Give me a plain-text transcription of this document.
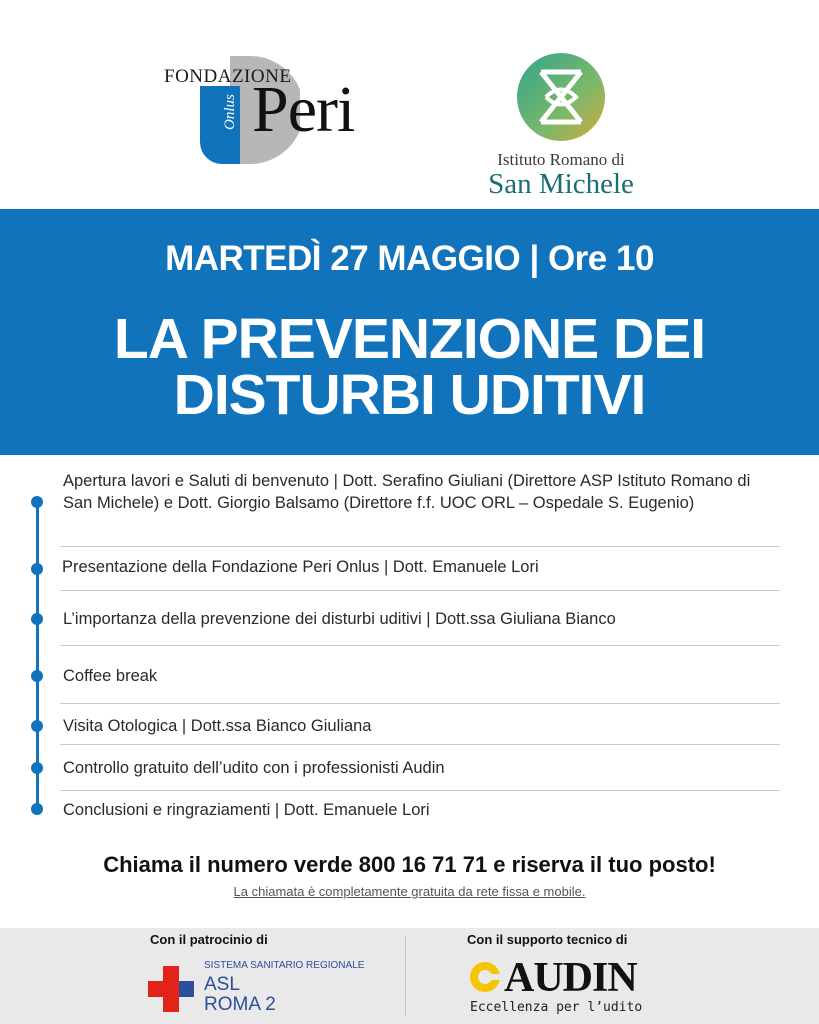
FONDAZIONE
Onlus Peri
Istituto Romano di
San Michele
MARTEDÌ 27 MAGGIO | Ore 10
LA PREVENZIONE DEI
DISTURBI UDITIVI
Apertura lavori e Saluti di benvenuto | Dott. Serafino Giuliani (Direttore ASP Istituto Romano di San Michele) e Dott. Giorgio Balsamo (Direttore f.f. UOC ORL – Ospedale S. Eugenio)
Presentazione della Fondazione Peri Onlus | Dott. Emanuele Lori
L’importanza della prevenzione dei disturbi uditivi | Dott.ssa Giuliana Bianco
Coffee break
Visita Otologica | Dott.ssa Bianco Giuliana
Controllo gratuito dell’udito con i professionisti Audin
Conclusioni e ringraziamenti | Dott. Emanuele Lori
Chiama il numero verde 800 16 71 71 e riserva il tuo posto!
La chiamata è completamente gratuita da rete fissa e mobile.
Con il patrocinio di	Con il supporto tecnico di
SISTEMA SANITARIO REGIONALE
ASL
ROMA 2
AUDIN
Eccellenza per l’udito
